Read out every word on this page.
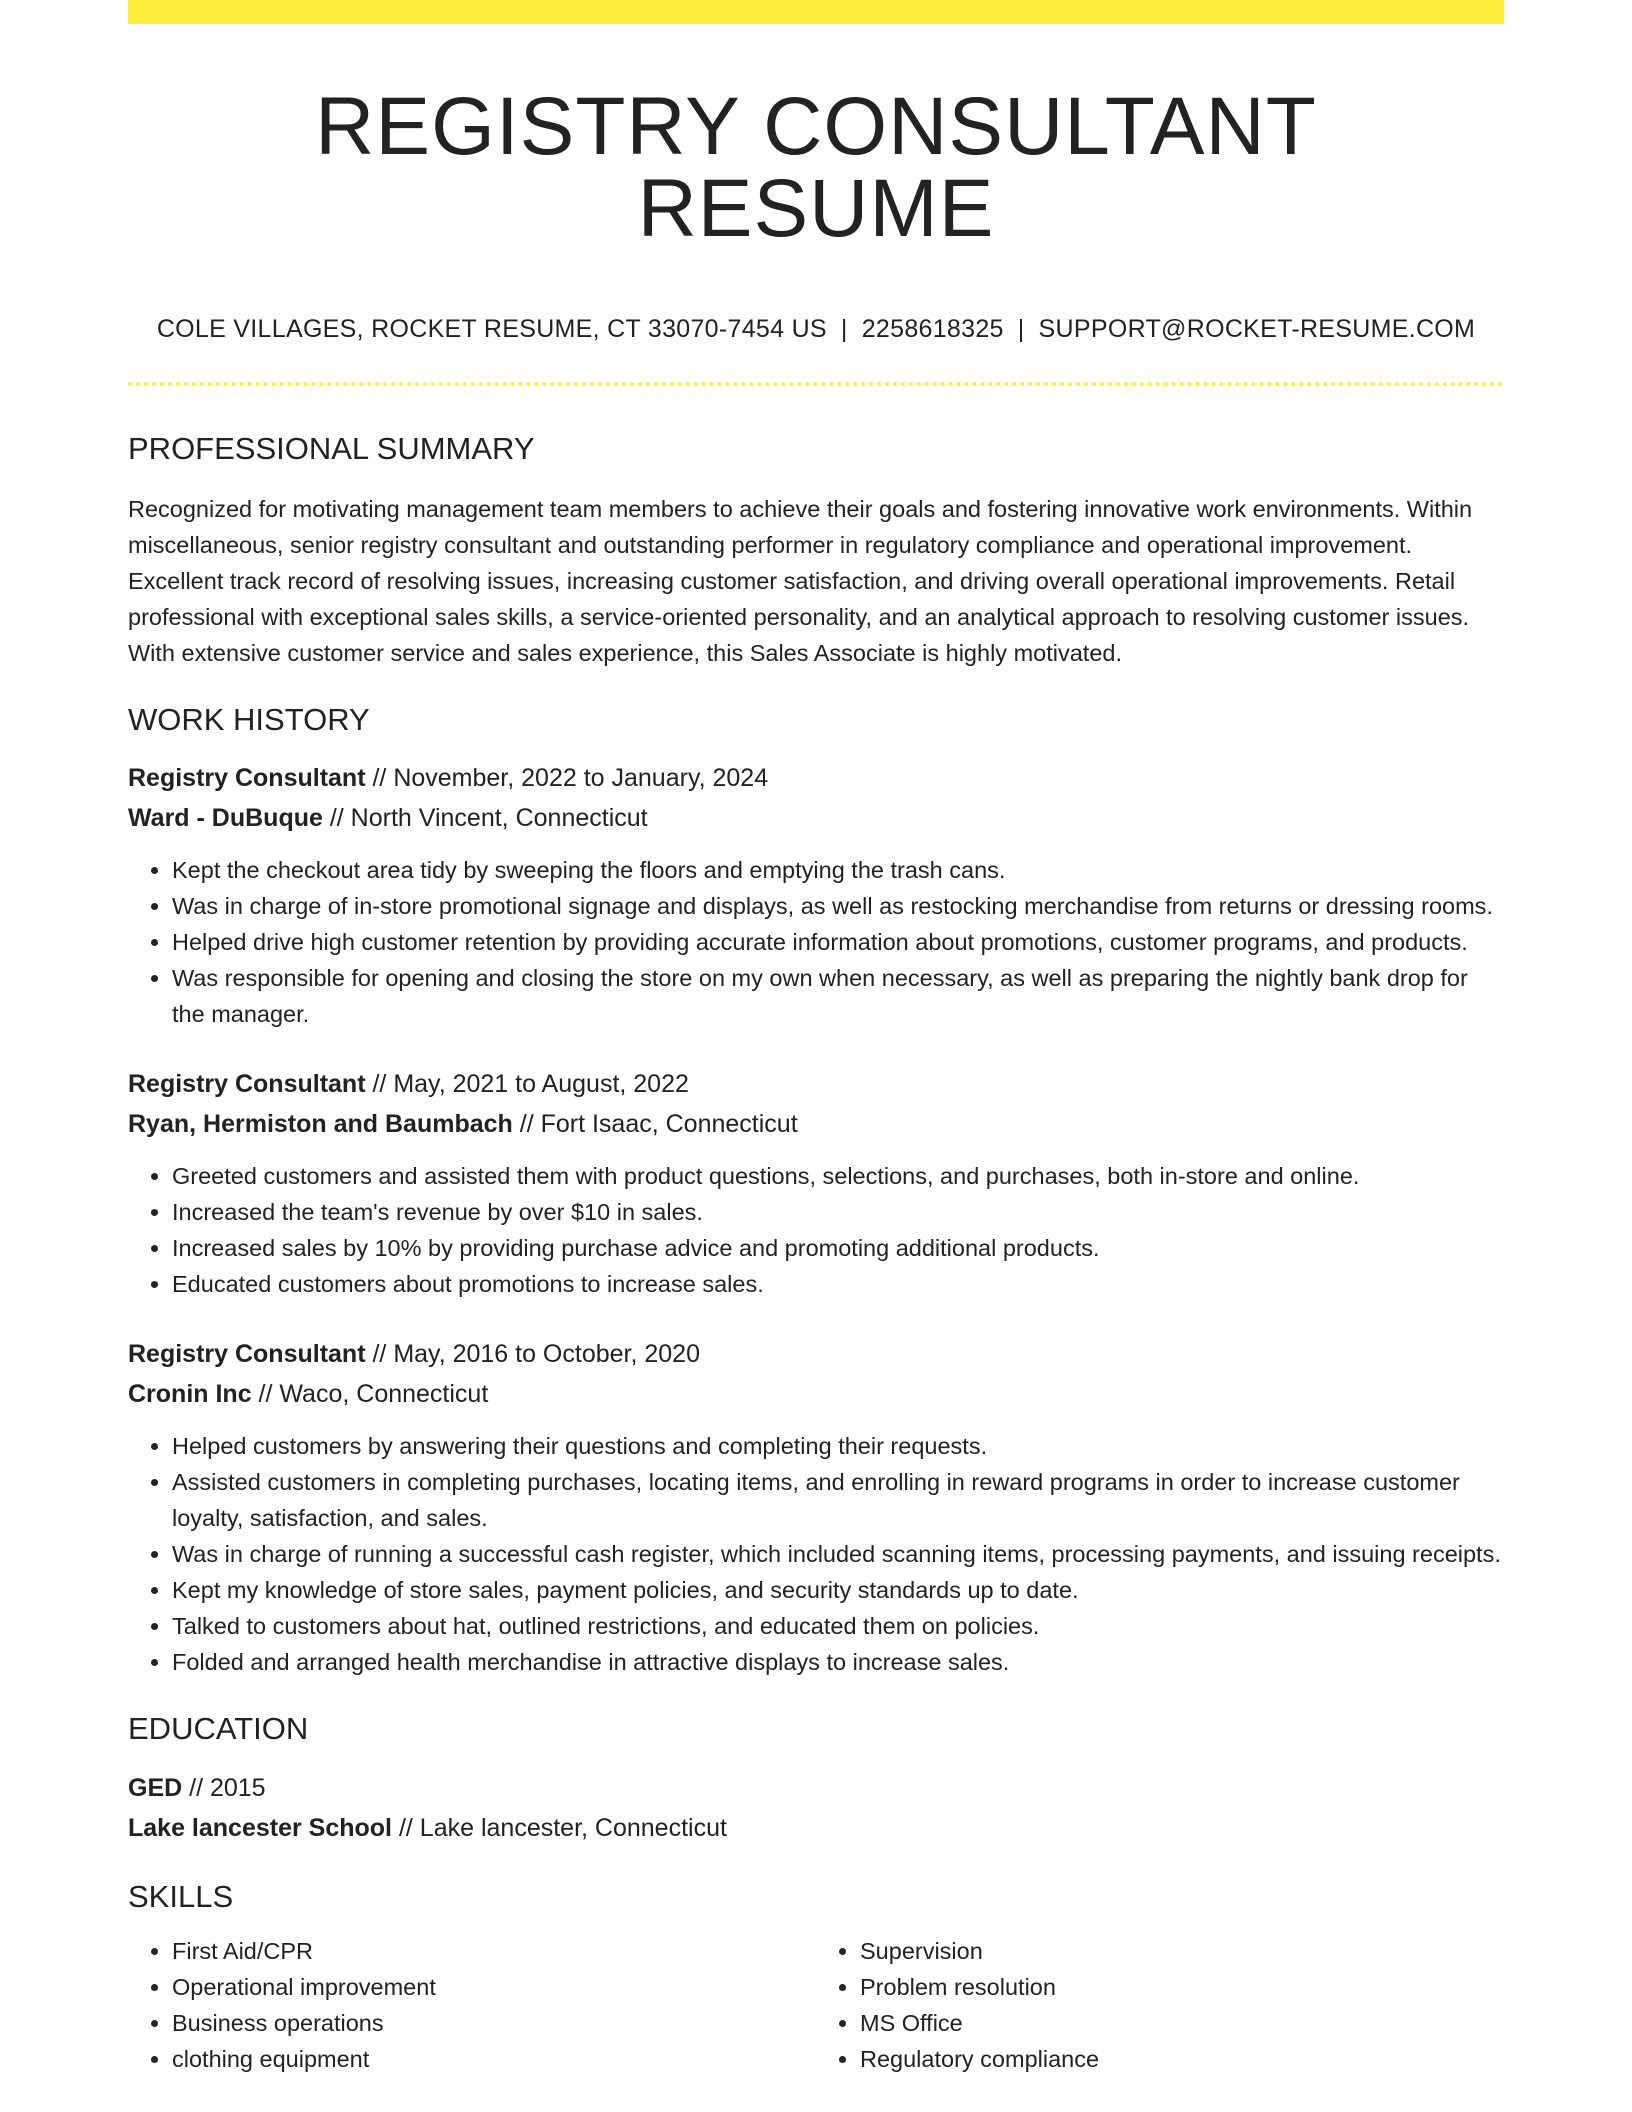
REGISTRY CONSULTANT RESUME
COLE VILLAGES, ROCKET RESUME, CT 33070-7454 US | 2258618325 | SUPPORT@ROCKET-RESUME.COM
PROFESSIONAL SUMMARY

Recognized for motivating management team members to achieve their goals and fostering innovative work environments. Within miscellaneous, senior registry consultant and outstanding performer in regulatory compliance and operational improvement. Excellent track record of resolving issues, increasing customer satisfaction, and driving overall operational improvements. Retail professional with exceptional sales skills, a service-oriented personality, and an analytical approach to resolving customer issues. With extensive customer service and sales experience, this Sales Associate is highly motivated.

WORK HISTORY
Registry Consultant // November, 2022 to January, 2024
Ward - DuBuque // North Vincent, Connecticut
• Kept the checkout area tidy by sweeping the floors and emptying the trash cans.
• Was in charge of in-store promotional signage and displays, as well as restocking merchandise from returns or dressing rooms.
• Helped drive high customer retention by providing accurate information about promotions, customer programs, and products.
• Was responsible for opening and closing the store on my own when necessary, as well as preparing the nightly bank drop for the manager.
Registry Consultant // May, 2021 to August, 2022
Ryan, Hermiston and Baumbach // Fort Isaac, Connecticut
• Greeted customers and assisted them with product questions, selections, and purchases, both in-store and online.
• Increased the team's revenue by over $10 in sales.
• Increased sales by 10% by providing purchase advice and promoting additional products.
• Educated customers about promotions to increase sales.
Registry Consultant // May, 2016 to October, 2020
Cronin Inc // Waco, Connecticut
• Helped customers by answering their questions and completing their requests.
• Assisted customers in completing purchases, locating items, and enrolling in reward programs in order to increase customer loyalty, satisfaction, and sales.
• Was in charge of running a successful cash register, which included scanning items, processing payments, and issuing receipts.
• Kept my knowledge of store sales, payment policies, and security standards up to date.
• Talked to customers about hat, outlined restrictions, and educated them on policies.
• Folded and arranged health merchandise in attractive displays to increase sales.
EDUCATION
GED // 2015
Lake lancester School // Lake lancester, Connecticut
SKILLS
• First Aid/CPR
• Operational improvement
• Business operations
• clothing equipment
• Supervision
• Problem resolution
• MS Office
• Regulatory compliance
